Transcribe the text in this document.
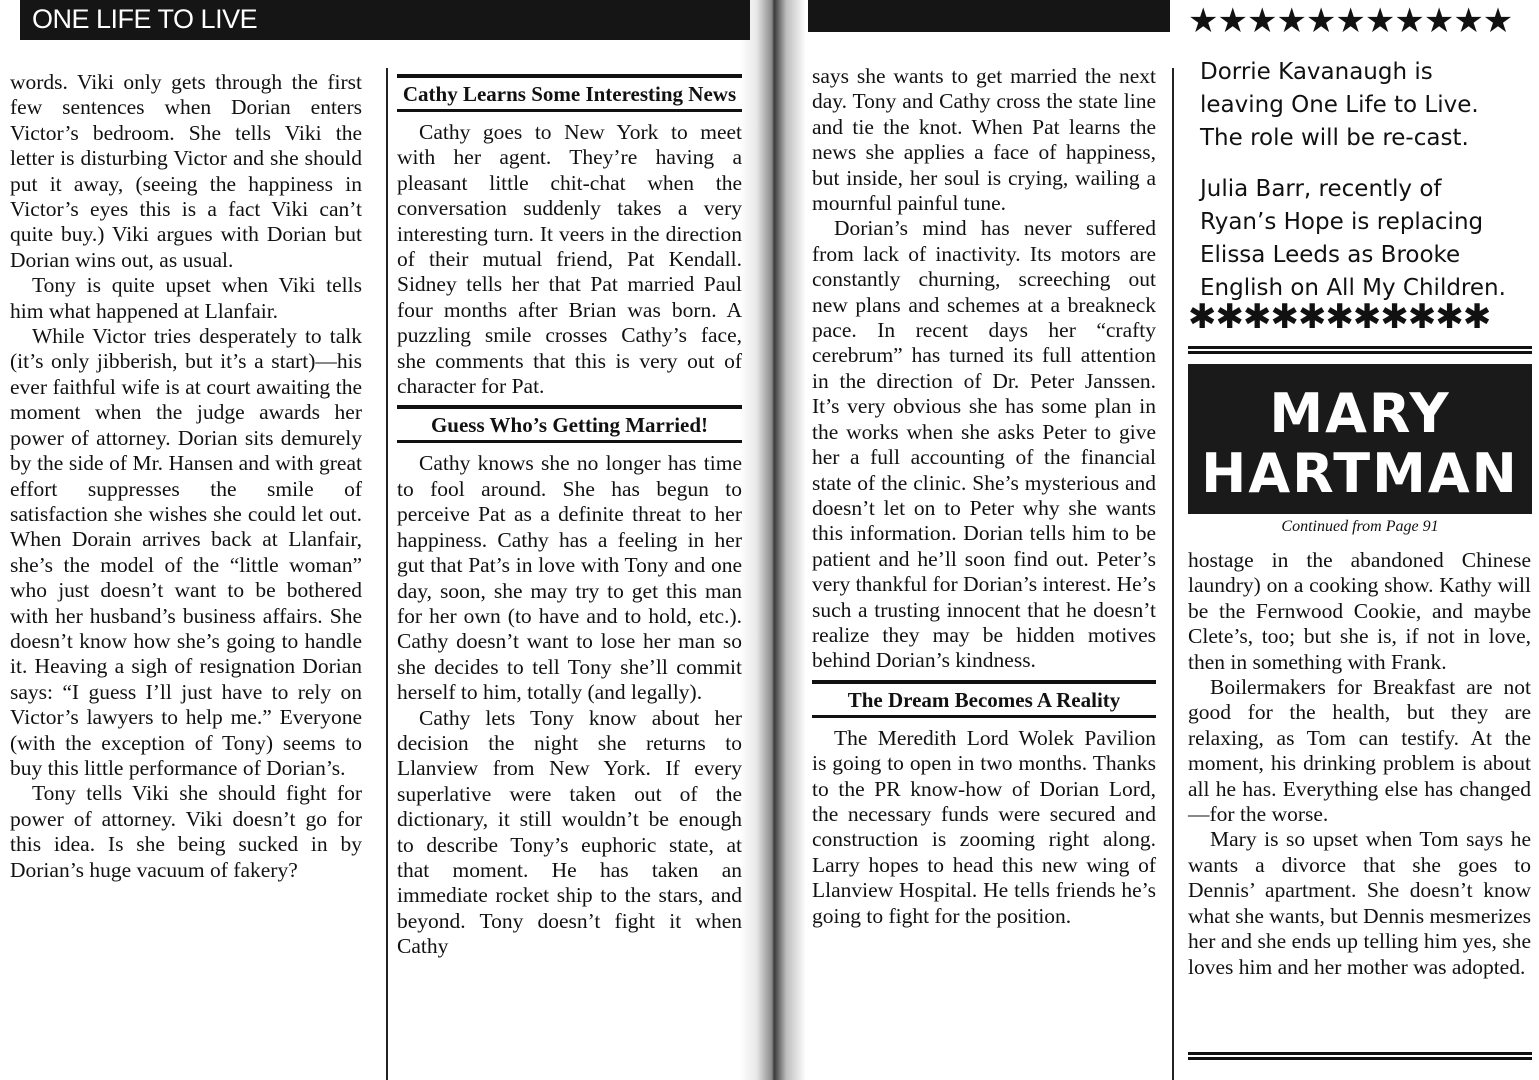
ONE LIFE TO LIVE

words. Viki only gets through the first few sentences when Dorian enters Victor’s bedroom. She tells Viki the letter is disturbing Victor and she should put it away, (seeing the happiness in Victor’s eyes this is a fact Viki can’t quite buy.) Viki argues with Dorian but Dorian wins out, as usual.

Tony is quite upset when Viki tells him what happened at Llanfair.

While Victor tries desperately to talk (it’s only jibberish, but it’s a start)—his ever faithful wife is at court awaiting the moment when the judge awards her power of attorney. Dorian sits demurely by the side of Mr. Hansen and with great effort suppresses the smile of satisfaction she wishes she could let out. When Dorain arrives back at Llanfair, she’s the model of the “little woman” who just doesn’t want to be bothered with her husband’s business affairs. She doesn’t know how she’s going to handle it. Heaving a sigh of resignation Dorian says: “I guess I’ll just have to rely on Victor’s lawyers to help me.” Everyone (with the exception of Tony) seems to buy this little performance of Dorian’s.

Tony tells Viki she should fight for power of attorney. Viki doesn’t go for this idea. Is she being sucked in by Dorian’s huge vacuum of fakery?

Cathy Learns Some Interesting News

Cathy goes to New York to meet with her agent. They’re having a pleasant little chit-chat when the conversation suddenly takes a very interesting turn. It veers in the direction of their mutual friend, Pat Kendall. Sidney tells her that Pat married Paul four months after Brian was born. A puzzling smile crosses Cathy’s face, she comments that this is very out of character for Pat.

Guess Who’s Getting Married!

Cathy knows she no longer has time to fool around. She has begun to perceive Pat as a definite threat to her happiness. Cathy has a feeling in her gut that Pat’s in love with Tony and one day, soon, she may try to get this man for her own (to have and to hold, etc.). Cathy doesn’t want to lose her man so she decides to tell Tony she’ll commit herself to him, totally (and legally).

Cathy lets Tony know about her decision the night she returns to Llanview from New York. If every superlative were taken out of the dictionary, it still wouldn’t be enough to describe Tony’s euphoric state, at that moment. He has taken an immediate rocket ship to the stars, and beyond. Tony doesn’t fight it when Cathy

says she wants to get married the next day. Tony and Cathy cross the state line and tie the knot. When Pat learns the news she applies a face of happiness, but inside, her soul is crying, wailing a mournful painful tune.

Dorian’s mind has never suffered from lack of inactivity. Its motors are constantly churning, screeching out new plans and schemes at a breakneck pace. In recent days her “crafty cerebrum” has turned its full attention in the direction of Dr. Peter Janssen. It’s very obvious she has some plan in the works when she asks Peter to give her a full accounting of the financial state of the clinic. She’s mysterious and doesn’t let on to Peter why she wants this information. Dorian tells him to be patient and he’ll soon find out. Peter’s very thankful for Dorian’s interest. He’s such a trusting innocent that he doesn’t realize they may be hidden motives behind Dorian’s kindness.

The Dream Becomes A Reality

The Meredith Lord Wolek Pavilion is going to open in two months. Thanks to the PR know-how of Dorian Lord, the necessary funds were secured and construction is zooming right along. Larry hopes to head this new wing of Llanview Hospital. He tells friends he’s going to fight for the position.

★★★★★★★★★★★

Dorrie Kavanaugh is leaving One Life to Live. The role will be re-cast.

Julia Barr, recently of Ryan’s Hope is replacing Elissa Leeds as Brooke English on All My Children.

✱✱✱✱✱✱✱✱✱✱✱
MARY
HARTMAN
Continued from Page 91

hostage in the abandoned Chinese laundry) on a cooking show. Kathy will be the Fernwood Cookie, and maybe Clete’s, too; but she is, if not in love, then in something with Frank.

Boilermakers for Breakfast are not good for the health, but they are relaxing, as Tom can testify. At the moment, his drinking problem is about all he has. Everything else has changed—for the worse.

Mary is so upset when Tom says he wants a divorce that she goes to Dennis’ apartment. She doesn’t know what she wants, but Dennis mesmerizes her and she ends up telling him yes, she loves him and her mother was adopted.
